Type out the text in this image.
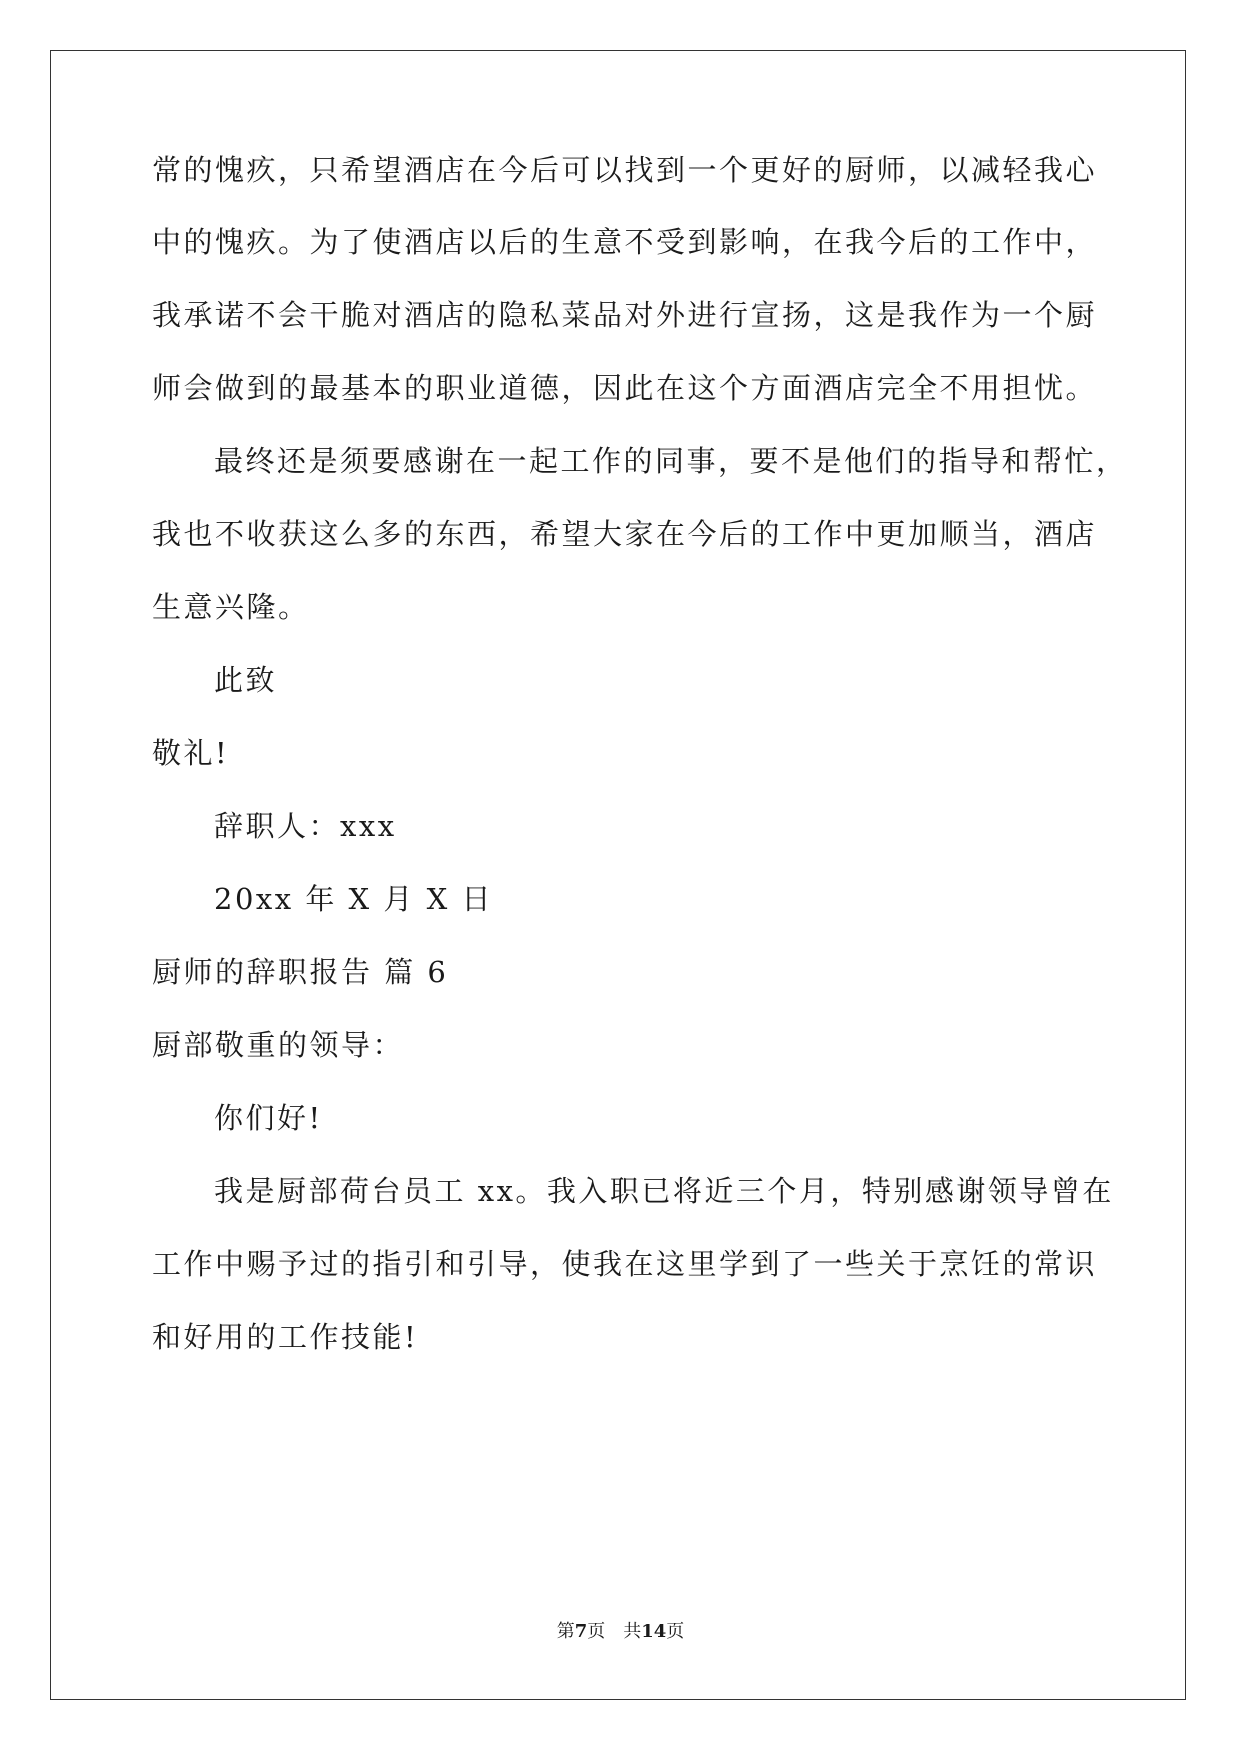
常的愧疚，只希望酒店在今后可以找到一个更好的厨师，以减轻我心
中的愧疚。为了使酒店以后的生意不受到影响，在我今后的工作中，
我承诺不会干脆对酒店的隐私菜品对外进行宣扬，这是我作为一个厨
师会做到的最基本的职业道德，因此在这个方面酒店完全不用担忧。
最终还是须要感谢在一起工作的同事，要不是他们的指导和帮忙，
我也不收获这么多的东西，希望大家在今后的工作中更加顺当，酒店
生意兴隆。
此致
敬礼!
辞职人：xxx
20xx 年 X 月 X 日
厨师的辞职报告 篇 6
厨部敬重的领导：
你们好!
我是厨部荷台员工 xx。我入职已将近三个月，特别感谢领导曾在
工作中赐予过的指引和引导，使我在这里学到了一些关于烹饪的常识
和好用的工作技能!
第7页　共14页
